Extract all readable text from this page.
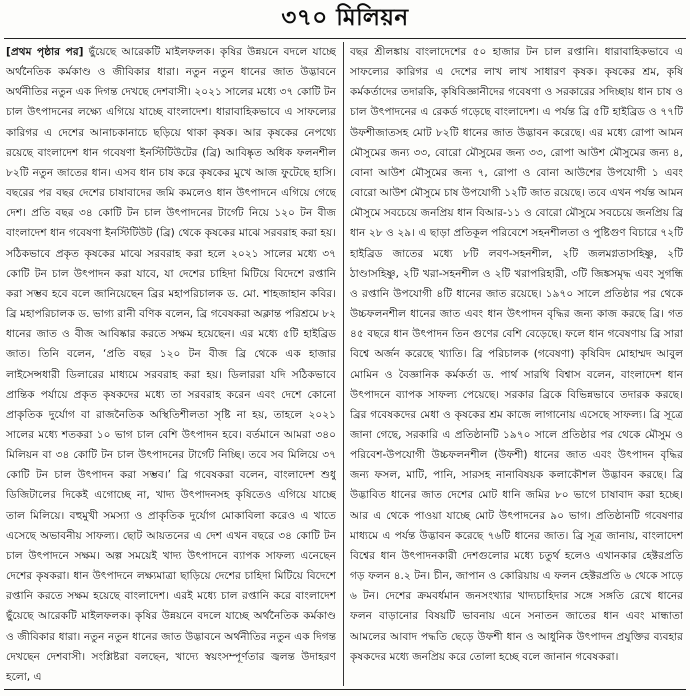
৩৭০ মিলিয়ন

[প্রথম পৃষ্ঠার পর] ছুঁয়েছে আরেকটি মাইলফলক। কৃষির উন্নয়নে বদলে যাচ্ছে অর্থনৈতিক কর্মকাণ্ড ও জীবিকার ধারা। নতুন নতুন ধানের জাত উদ্ভাবনে অর্থনীতির নতুন এক দিগন্ত দেখছে দেশবাসী। ২০২১ সালের মধ্যে ৩৭ কোটি টন চাল উৎপাদনের লক্ষ্যে এগিয়ে যাচ্ছে বাংলাদেশ। ধারাবাহিকভাবে এ সাফল্যের কারিগর এ দেশের আনাচকানাচে ছড়িয়ে থাকা কৃষক। আর কৃষকের নেপথ্যে রয়েছে বাংলাদেশ ধান গবেষণা ইনস্টিটিউটের (ব্রি) আবিষ্কৃত অধিক ফলনশীল ৮২টি নতুন জাতের ধান। এসব ধান চাষ করে কৃষকের মুখে আজ ফুটেছে হাসি। বছরের পর বছর দেশের চাষাবাদের জমি কমলেও ধান উৎপাদনে এগিয়ে গেছে দেশ। প্রতি বছর ৩৪ কোটি টন চাল উৎপাদনের টার্গেট নিয়ে ১২০ টন বীজ বাংলাদেশ ধান গবেষণা ইনস্টিটিউট (ব্রি) থেকে কৃষকের মাঝে সরবরাহ করা হয়। সঠিকভাবে প্রকৃত কৃষকের মাঝে সরবরাহ করা হলে ২০২১ সালের মধ্যে ৩৭ কোটি টন চাল উৎপাদন করা যাবে, যা দেশের চাহিদা মিটিয়ে বিদেশে রপ্তানি করা সম্ভব হবে বলে জানিয়েছেন ব্রির মহাপরিচালক ড. মো. শাহজাহান কবির। ব্রি মহাপরিচালক ড. ভাগ্য রানী বণিক বলেন, ব্রি গবেষকরা অক্লান্ত পরিশ্রমে ৮২ ধানের জাত ও বীজ আবিষ্কার করতে সক্ষম হয়েছেন। এর মধ্যে ৫টি হাইব্রিড জাত। তিনি বলেন, ‘প্রতি বছর ১২০ টন বীজ ব্রি থেকে এক হাজার লাইসেন্সধারী ডিলারের মাধ্যমে সরবরাহ করা হয়। ডিলাররা যদি সঠিকভাবে প্রান্তিক পর্যায়ে প্রকৃত কৃষকদের মধ্যে তা সরবরাহ করেন এবং দেশে কোনো প্রাকৃতিক দুর্যোগ বা রাজনৈতিক অস্থিতিশীলতা সৃষ্টি না হয়, তাহলে ২০২১ সালের মধ্যে শতকরা ১০ ভাগ চাল বেশি উৎপাদন হবে। বর্তমানে আমরা ৩৪০ মিলিয়ন বা ৩৪ কোটি টন চাল উৎপাদনের টার্গেট নিচ্ছি। তবে সব মিলিয়ে ৩৭ কোটি টন চাল উৎপাদন করা সম্ভব।’ ব্রি গবেষকরা বলেন, বাংলাদেশ শুধু ডিজিটালের দিকেই এগোচ্ছে না, খাদ্য উৎপাদনসহ কৃষিতেও এগিয়ে যাচ্ছে তাল মিলিয়ে। বহুমুখী সমস্যা ও প্রাকৃতিক দুর্যোগ মোকাবিলা করেও এ খাতে এসেছে অভাবনীয় সাফল্য। ছোট আয়তনের এ দেশ এখন বছরে ৩৪ কোটি টন চাল উৎপাদনে সক্ষম। অল্প সময়েই খাদ্য উৎপাদনে ব্যাপক সাফল্য এনেছেন দেশের কৃষকরা। ধান উৎপাদনে লক্ষ্যমাত্রা ছাড়িয়ে দেশের চাহিদা মিটিয়ে বিদেশে রপ্তানি করতে সক্ষম হয়েছে বাংলাদেশ। এরই মধ্যে চাল রপ্তানি করে বাংলাদেশ ছুঁয়েছে আরেকটি মাইলফলক। কৃষির উন্নয়নে বদলে যাচ্ছে অর্থনৈতিক কর্মকাণ্ড ও জীবিকার ধারা। নতুন নতুন ধানের জাত উদ্ভাবনে অর্থনীতির নতুন এক দিগন্ত দেখছেন দেশবাসী। সংশ্লিষ্টরা বলছেন, খাদ্যে স্বয়ংসম্পূর্ণতার জ্বলন্ত উদাহরণ হলো, এ

বছর শ্রীলঙ্কায় বাংলাদেশের ৫০ হাজার টন চাল রপ্তানি। ধারাবাহিকভাবে এ সাফল্যের কারিগর এ দেশের লাখ লাখ সাধারণ কৃষক। কৃষকের শ্রম, কৃষি কর্মকর্তাদের তদারকি, কৃষিবিজ্ঞানীদের গবেষণা ও সরকারের সদিচ্ছায় ধান চাষ ও চাল উৎপাদনের এ রেকর্ড গড়েছে বাংলাদেশ। এ পর্যন্ত ব্রি ৫টি হাইব্রিড ও ৭৭টি উফশীজাতসহ মোট ৮২টি ধানের জাত উদ্ভাবন করেছে। এর মধ্যে রোপা আমন মৌসুমের জন্য ৩৩, বোরো মৌসুমের জন্য ৩৩, রোপা আউশ মৌসুমের জন্য ৪, বোনা আউশ মৌসুমের জন্য ৭, রোপা ও বোনা আউশের উপযোগী ১ এবং বোরো আউশ মৌসুমে চাষ উপযোগী ১২টি জাত রয়েছে। তবে এখন পর্যন্ত আমন মৌসুমে সবচেয়ে জনপ্রিয় ধান বিআর-১১ ও বোরো মৌসুমে সবচেয়ে জনপ্রিয় ব্রি ধান ২৮ ও ২৯। এ ছাড়া প্রতিকূল পরিবেশে সহনশীলতা ও পুষ্টিগুণ বিচারে ৭২টি হাইব্রিড জাতের মধ্যে ৮টি লবণ-সহনশীল, ২টি জলমগ্নতাসহিষ্ণু, ২টি ঠাণ্ডাসহিষ্ণু, ২টি খরা-সহনশীল ও ২টি খরাপরিহারী, ৩টি জিঙ্কসমৃদ্ধ এবং সুগন্ধি ও রপ্তানি উপযোগী ৪টি ধানের জাত রয়েছে। ১৯৭০ সালে প্রতিষ্ঠার পর থেকে উচ্চফলনশীল ধানের জাত এবং ধান উৎপাদন বৃদ্ধির জন্য কাজ করছে ব্রি। গত ৪৫ বছরে ধান উৎপাদন তিন গুণের বেশি বেড়েছে। ফলে ধান গবেষণায় ব্রি সারা বিশ্বে অর্জন করেছে খ্যাতি। ব্রি পরিচালক (গবেষণা) কৃষিবিদ মোহাম্মদ আবুল মোমিন ও বৈজ্ঞানিক কর্মকর্তা ড. পার্থ সারথি বিশ্বাস বলেন, বাংলাদেশ ধান উৎপাদনে ব্যাপক সাফল্য পেয়েছে। সরকার ব্রিকে বিভিন্নভাবে তদারক করছে। ব্রির গবেষকদের মেধা ও কৃষকের শ্রম কাজে লাগানোয় এসেছে সাফল্য। ব্রি সূত্রে জানা গেছে, সরকারি এ প্রতিষ্ঠানটি ১৯৭০ সালে প্রতিষ্ঠার পর থেকে মৌসুম ও পরিবেশ-উপযোগী উচ্চফলনশীল (উফশী) ধানের জাত এবং উৎপাদন বৃদ্ধির জন্য ফসল, মাটি, পানি, সারসহ নানাবিষয়ক কলাকৌশল উদ্ভাবন করছে। ব্রি উদ্ভাবিত ধানের জাত দেশের মোট ধানি জমির ৮০ ভাগে চাষাবাদ করা হচ্ছে। আর এ থেকে পাওয়া যাচ্ছে মোট উৎপাদনের ৯০ ভাগ। প্রতিষ্ঠানটি গবেষণার মাধ্যমে এ পর্যন্ত উদ্ভাবন করেছে ৭৬টি ধানের জাত। ব্রি সূত্র জানায়, বাংলাদেশ বিশ্বের ধান উৎপাদনকারী দেশগুলোর মধ্যে চতুর্থ হলেও এখানকার হেক্টরপ্রতি গড় ফলন ৪.২ টন। চীন, জাপান ও কোরিয়ায় এ ফলন হেক্টরপ্রতি ৬ থেকে সাড়ে ৬ টন। দেশের ক্রমবর্ধমান জনসংখ্যার খাদ্যচাহিদার সঙ্গে সঙ্গতি রেখে ধানের ফলন বাড়ানোর বিষয়টি ভাবনায় এনে সনাতন জাতের ধান এবং মান্ধাতা আমলের আবাদ পদ্ধতি ছেড়ে উফশী ধান ও আধুনিক উৎপাদন প্রযুক্তির ব্যবহার কৃষকদের মধ্যে জনপ্রিয় করে তোলা হচ্ছে বলে জানান গবেষকরা।
